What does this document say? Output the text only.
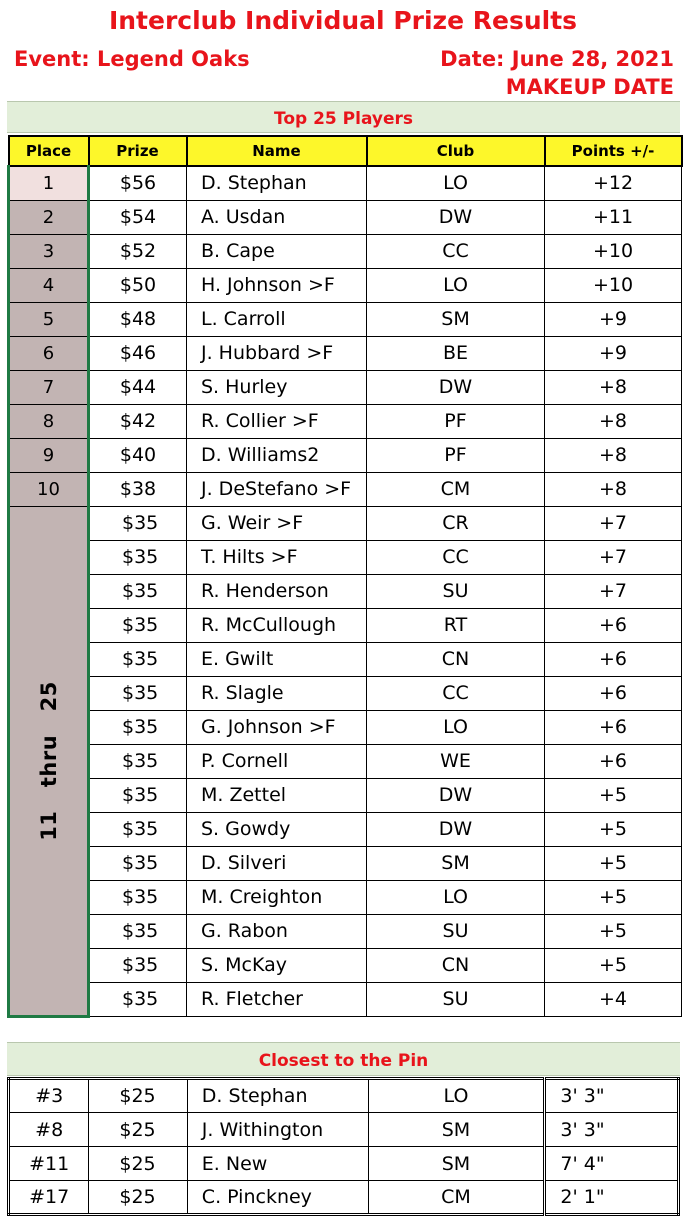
Interclub Individual Prize Results
Event: Legend Oaks	Date: June 28, 2021
MAKEUP DATE
Top 25 Players
Place	Prize	Name	Club	Points +/-
1	$56	D. Stephan	LO	+12
2	$54	A. Usdan	DW	+11
3	$52	B. Cape	CC	+10
4	$50	H. Johnson >F	LO	+10
5	$48	L. Carroll	SM	+9
6	$46	J. Hubbard >F	BE	+9
7	$44	S. Hurley	DW	+8
8	$42	R. Collier >F	PF	+8
9	$40	D. Williams2	PF	+8
10	$38	J. DeStefano >F	CM	+8

11   thru   25	$35	G. Weir >F	CR	+7
	$35	T. Hilts >F	CC	+7
	$35	R. Henderson	SU	+7
	$35	R. McCullough	RT	+6
	$35	E. Gwilt	CN	+6
	$35	R. Slagle	CC	+6
	$35	G. Johnson >F	LO	+6
	$35	P. Cornell	WE	+6
	$35	M. Zettel	DW	+5
	$35	S. Gowdy	DW	+5
	$35	D. Silveri	SM	+5
	$35	M. Creighton	LO	+5
	$35	G. Rabon	SU	+5
	$35	S. McKay	CN	+5
	$35	R. Fletcher	SU	+4
Closest to the Pin
#3	$25	D. Stephan	LO	3' 3"
#8	$25	J. Withington	SM	3' 3"
#11	$25	E. New	SM	7' 4"
#17	$25	C. Pinckney	CM	2' 1"
